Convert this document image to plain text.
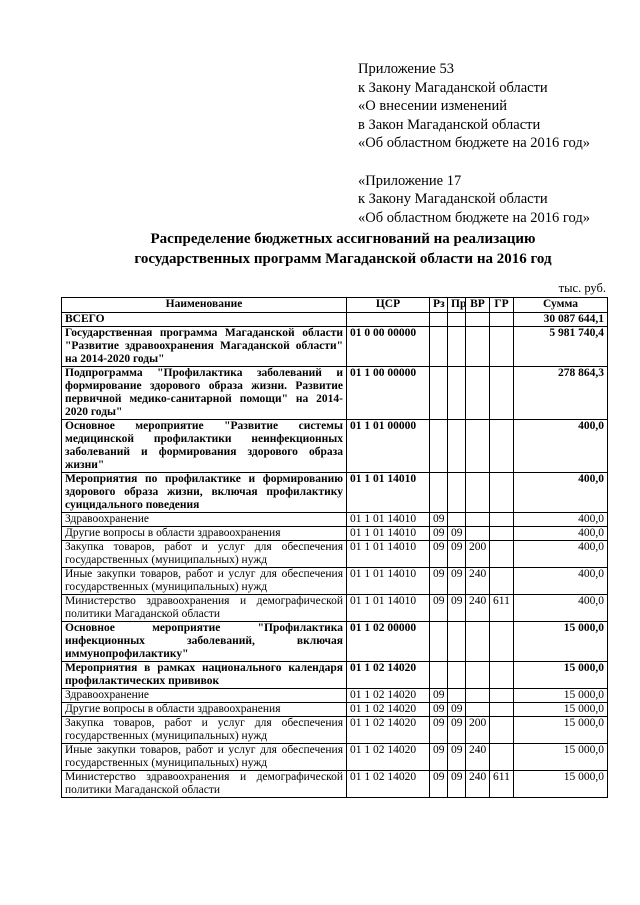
Приложение 53
к Закону Магаданской области
«О внесении изменений
в Закон Магаданской области
«Об областном бюджете на 2016 год»
«Приложение 17
к Закону Магаданской области
«Об областном бюджете на 2016 год»
Распределение бюджетных ассигнований на реализацию
государственных программ Магаданской области на 2016 год
тыс. руб.
Наименование	ЦСР	Рз	Пр	ВР	ГР	Сумма
ВСЕГО						30 087 644,1
Государственная программа Магаданской области "Развитие здравоохранения Магаданской области" на 2014-2020 годы"	01 0 00 00000					5 981 740,4
Подпрограмма "Профилактика заболеваний и формирование здорового образа жизни. Развитие первичной медико-санитарной помощи" на 2014-2020 годы"	01 1 00 00000					278 864,3
Основное мероприятие "Развитие системы медицинской профилактики неинфекционных заболеваний и формирования здорового образа жизни"	01 1 01 00000					400,0
Мероприятия по профилактике и формированию здорового образа жизни, включая профилактику суицидального поведения	01 1 01 14010					400,0
Здравоохранение	01 1 01 14010	09				400,0
Другие вопросы в области здравоохранения	01 1 01 14010	09	09			400,0
Закупка товаров, работ и услуг для обеспечения государственных (муниципальных) нужд	01 1 01 14010	09	09	200		400,0
Иные закупки товаров, работ и услуг для обеспечения государственных (муниципальных) нужд	01 1 01 14010	09	09	240		400,0
Министерство здравоохранения и демографической политики Магаданской области	01 1 01 14010	09	09	240	611	400,0
Основное мероприятие "Профилактика инфекционных заболеваний, включая иммунопрофилактику"	01 1 02 00000					15 000,0
Мероприятия в рамках национального календаря профилактических прививок	01 1 02 14020					15 000,0
Здравоохранение	01 1 02 14020	09				15 000,0
Другие вопросы в области здравоохранения	01 1 02 14020	09	09			15 000,0
Закупка товаров, работ и услуг для обеспечения государственных (муниципальных) нужд	01 1 02 14020	09	09	200		15 000,0
Иные закупки товаров, работ и услуг для обеспечения государственных (муниципальных) нужд	01 1 02 14020	09	09	240		15 000,0
Министерство здравоохранения и демографической политики Магаданской области	01 1 02 14020	09	09	240	611	15 000,0
